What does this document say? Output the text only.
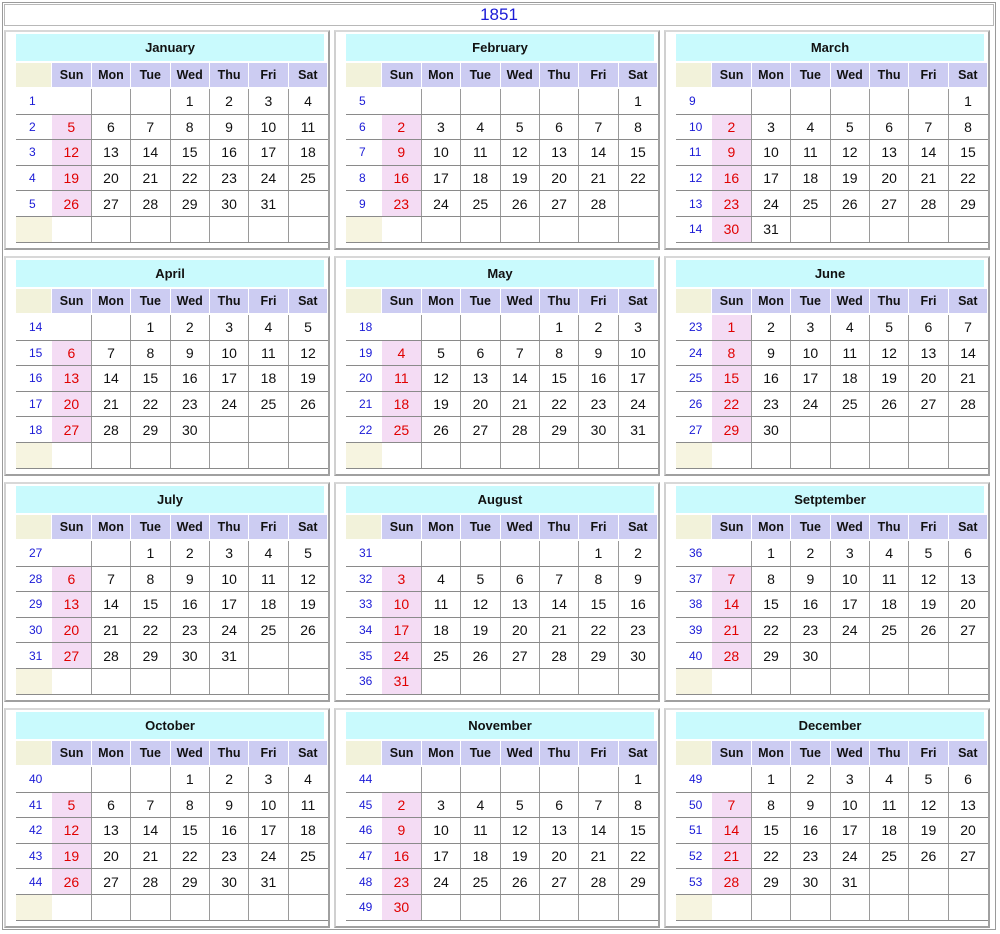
1851
January
	Sun	Mon	Tue	Wed	Thu	Fri	Sat
1				1	2	3	4
2	5	6	7	8	9	10	11
3	12	13	14	15	16	17	18
4	19	20	21	22	23	24	25
5	26	27	28	29	30	31	

February
	Sun	Mon	Tue	Wed	Thu	Fri	Sat
5							1
6	2	3	4	5	6	7	8
7	9	10	11	12	13	14	15
8	16	17	18	19	20	21	22
9	23	24	25	26	27	28	

March
	Sun	Mon	Tue	Wed	Thu	Fri	Sat
9							1
10	2	3	4	5	6	7	8
11	9	10	11	12	13	14	15
12	16	17	18	19	20	21	22
13	23	24	25	26	27	28	29
14	30	31					
April
	Sun	Mon	Tue	Wed	Thu	Fri	Sat
14			1	2	3	4	5
15	6	7	8	9	10	11	12
16	13	14	15	16	17	18	19
17	20	21	22	23	24	25	26
18	27	28	29	30			

May
	Sun	Mon	Tue	Wed	Thu	Fri	Sat
18					1	2	3
19	4	5	6	7	8	9	10
20	11	12	13	14	15	16	17
21	18	19	20	21	22	23	24
22	25	26	27	28	29	30	31

June
	Sun	Mon	Tue	Wed	Thu	Fri	Sat
23	1	2	3	4	5	6	7
24	8	9	10	11	12	13	14
25	15	16	17	18	19	20	21
26	22	23	24	25	26	27	28
27	29	30					

July
	Sun	Mon	Tue	Wed	Thu	Fri	Sat
27			1	2	3	4	5
28	6	7	8	9	10	11	12
29	13	14	15	16	17	18	19
30	20	21	22	23	24	25	26
31	27	28	29	30	31		

August
	Sun	Mon	Tue	Wed	Thu	Fri	Sat
31						1	2
32	3	4	5	6	7	8	9
33	10	11	12	13	14	15	16
34	17	18	19	20	21	22	23
35	24	25	26	27	28	29	30
36	31						
Setptember
	Sun	Mon	Tue	Wed	Thu	Fri	Sat
36		1	2	3	4	5	6
37	7	8	9	10	11	12	13
38	14	15	16	17	18	19	20
39	21	22	23	24	25	26	27
40	28	29	30				

October
	Sun	Mon	Tue	Wed	Thu	Fri	Sat
40				1	2	3	4
41	5	6	7	8	9	10	11
42	12	13	14	15	16	17	18
43	19	20	21	22	23	24	25
44	26	27	28	29	30	31	

November
	Sun	Mon	Tue	Wed	Thu	Fri	Sat
44							1
45	2	3	4	5	6	7	8
46	9	10	11	12	13	14	15
47	16	17	18	19	20	21	22
48	23	24	25	26	27	28	29
49	30						
December
	Sun	Mon	Tue	Wed	Thu	Fri	Sat
49		1	2	3	4	5	6
50	7	8	9	10	11	12	13
51	14	15	16	17	18	19	20
52	21	22	23	24	25	26	27
53	28	29	30	31			
